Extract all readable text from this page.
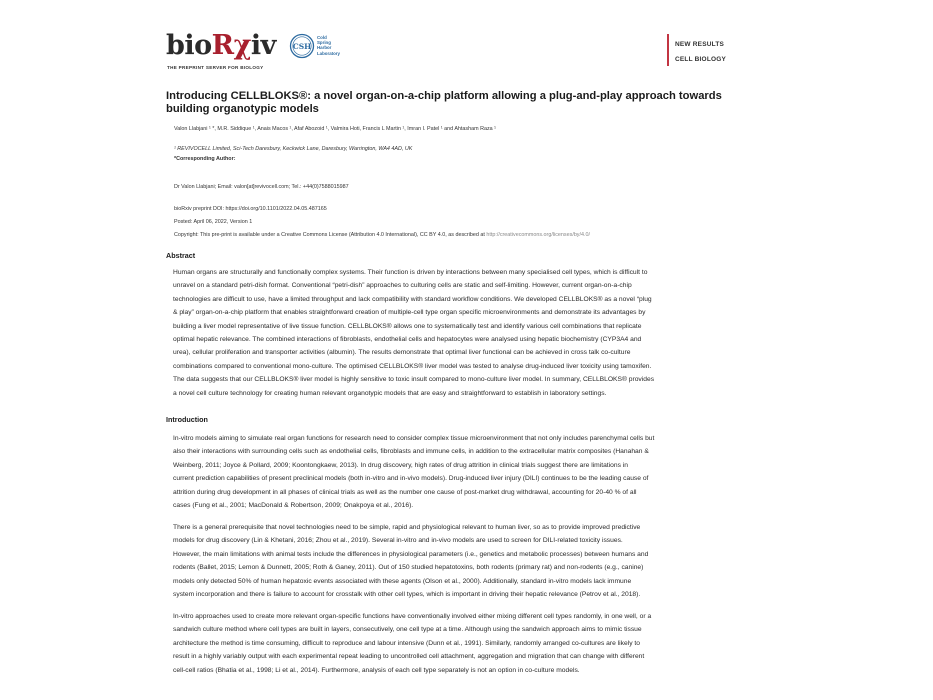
bioRχiv
THE PREPRINT SERVER FOR BIOLOGY
CSH
Cold
Spring
Harbor
Laboratory
NEW RESULTS
CELL BIOLOGY
Introducing CELLBLOKS®: a novel organ-on-a-chip platform allowing a plug-and-play approach towards building organotypic models
Valon Llabjani ¹ *, M.R. Siddique ¹, Anais Macos ¹, Afaf Abozoid ¹, Valmira Hoti, Francis L Martin ¹, Imran I. Patel ¹ and Ahtasham Raza ¹
¹ REVIVOCELL Limited, Sci-Tech Daresbury, Keckwick Lane, Daresbury, Warrington, WA4 4AD, UK
*Corresponding Author:
Dr Valon Llabjani; Email: valon[at]revivocell.com; Tel.: +44(0)7588015987
bioRxiv preprint DOI: https://doi.org/10.1101/2022.04.05.487165
Posted: April 06, 2022, Version 1
Copyright: This pre-print is available under a Creative Commons License (Attribution 4.0 International), CC BY 4.0, as described at http://creativecommons.org/licenses/by/4.0/
Abstract

Human organs are structurally and functionally complex systems. Their function is driven by interactions between many specialised cell types, which is difficult to

unravel on a standard petri-dish format. Conventional “petri-dish” approaches to culturing cells are static and self-limiting. However, current organ-on-a-chip

technologies are difficult to use, have a limited throughput and lack compatibility with standard workflow conditions. We developed CELLBLOKS® as a novel “plug

& play” organ-on-a-chip platform that enables straightforward creation of multiple-cell type organ specific microenvironments and demonstrate its advantages by

building a liver model representative of live tissue function. CELLBLOKS® allows one to systematically test and identify various cell combinations that replicate

optimal hepatic relevance. The combined interactions of fibroblasts, endothelial cells and hepatocytes were analysed using hepatic biochemistry (CYP3A4 and

urea), cellular proliferation and transporter activities (albumin). The results demonstrate that optimal liver functional can be achieved in cross talk co-culture

combinations compared to conventional mono-culture. The optimised CELLBLOKS® liver model was tested to analyse drug-induced liver toxicity using tamoxifen.

The data suggests that our CELLBLOKS® liver model is highly sensitive to toxic insult compared to mono-culture liver model. In summary, CELLBLOKS® provides

a novel cell culture technology for creating human relevant organotypic models that are easy and straightforward to establish in laboratory settings.

Introduction

In-vitro models aiming to simulate real organ functions for research need to consider complex tissue microenvironment that not only includes parenchymal cells but

also their interactions with surrounding cells such as endothelial cells, fibroblasts and immune cells, in addition to the extracellular matrix composites (Hanahan &

Weinberg, 2011; Joyce & Pollard, 2009; Koontongkaew, 2013). In drug discovery, high rates of drug attrition in clinical trials suggest there are limitations in

current prediction capabilities of present preclinical models (both in-vitro and in-vivo models). Drug-induced liver injury (DILI) continues to be the leading cause of

attrition during drug development in all phases of clinical trials as well as the number one cause of post-market drug withdrawal, accounting for 20-40 % of all

cases (Fung et al., 2001; MacDonald & Robertson, 2009; Onakpoya et al., 2016).

There is a general prerequisite that novel technologies need to be simple, rapid and physiological relevant to human liver, so as to provide improved predictive

models for drug discovery (Lin & Khetani, 2016; Zhou et al., 2019). Several in-vitro and in-vivo models are used to screen for DILI-related toxicity issues.

However, the main limitations with animal tests include the differences in physiological parameters (i.e., genetics and metabolic processes) between humans and

rodents (Ballet, 2015; Lemon & Dunnett, 2005; Roth & Ganey, 2011). Out of 150 studied hepatotoxins, both rodents (primary rat) and non-rodents (e.g., canine)

models only detected 50% of human hepatoxic events associated with these agents (Olson et al., 2000). Additionally, standard in-vitro models lack immune

system incorporation and there is failure to account for crosstalk with other cell types, which is important in driving their hepatic relevance (Petrov et al., 2018).

In-vitro approaches used to create more relevant organ-specific functions have conventionally involved either mixing different cell types randomly, in one well, or a

sandwich culture method where cell types are built in layers, consecutively, one cell type at a time. Although using the sandwich approach aims to mimic tissue

architecture the method is time consuming, difficult to reproduce and labour intensive (Dunn et al., 1991). Similarly, randomly arranged co-cultures are likely to

result in a highly variably output with each experimental repeat leading to uncontrolled cell attachment, aggregation and migration that can change with different

cell-cell ratios (Bhatia et al., 1998; Li et al., 2014). Furthermore, analysis of each cell type separately is not an option in co-culture models.
